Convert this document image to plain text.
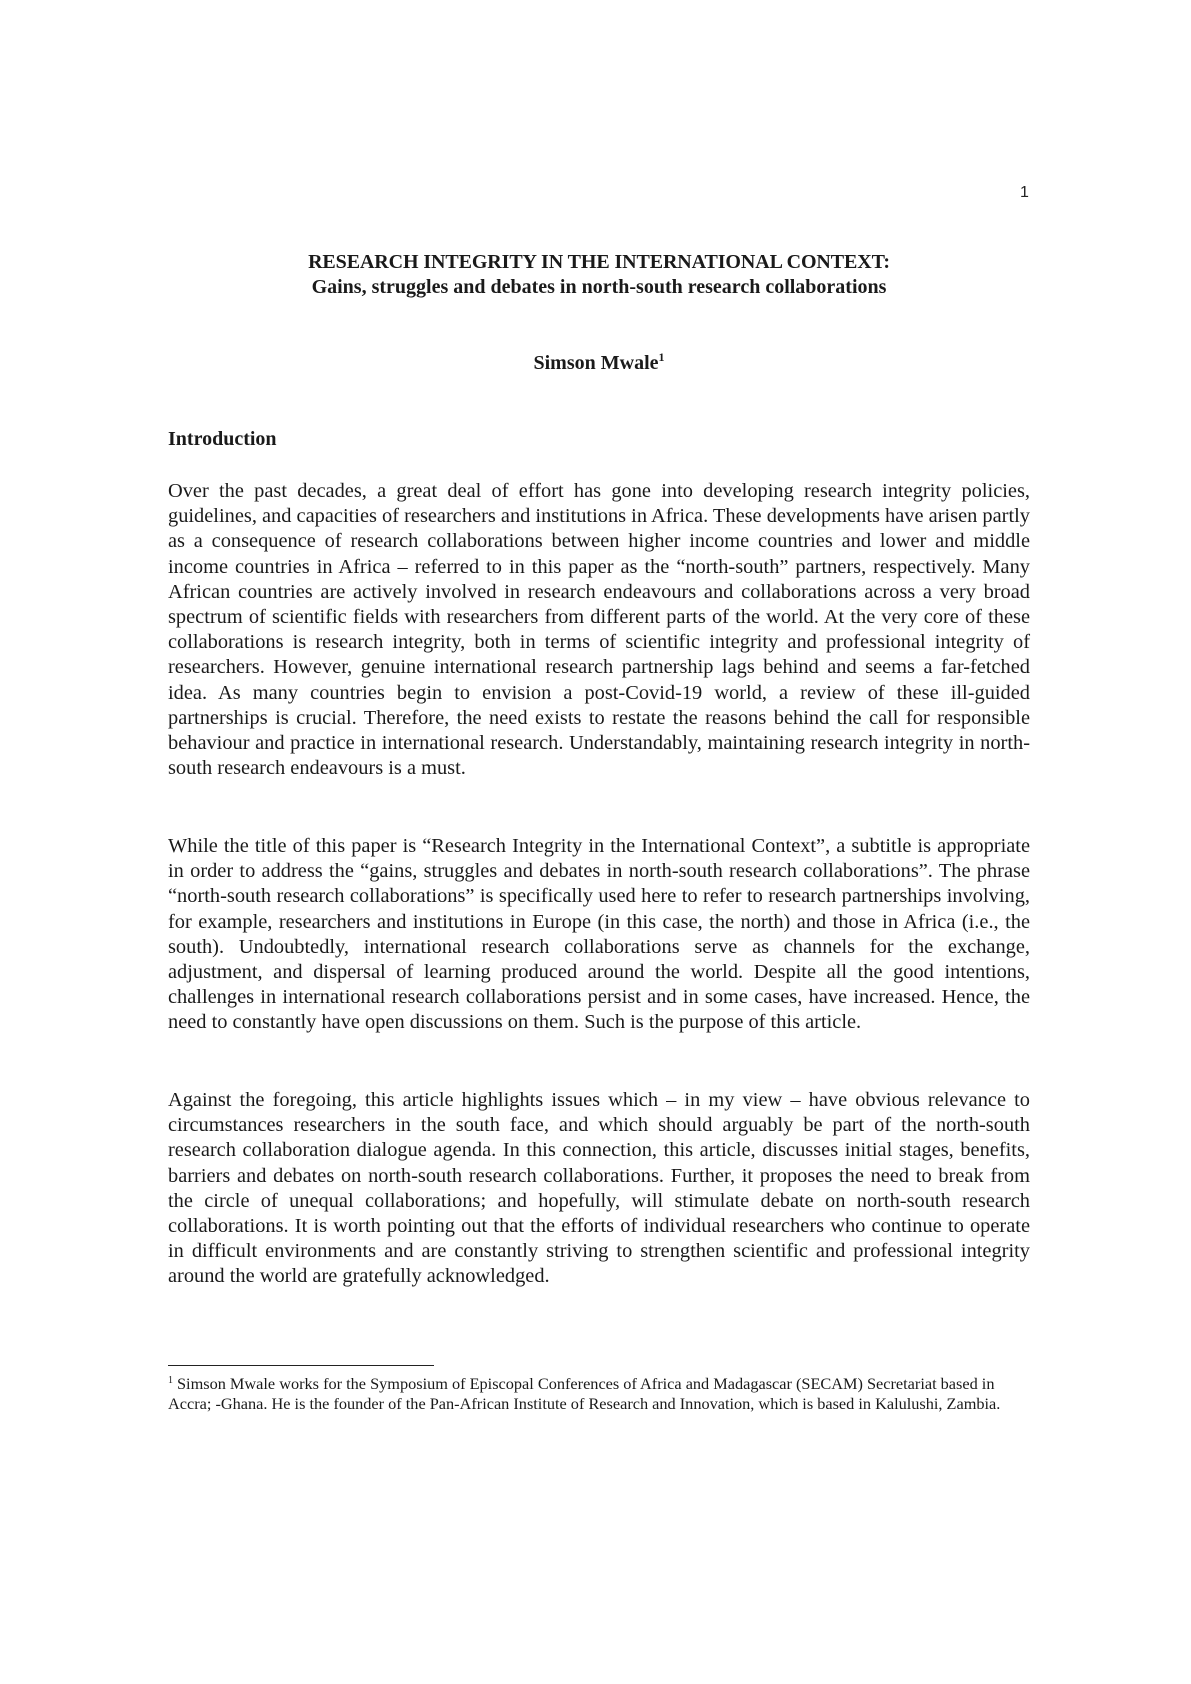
1
RESEARCH INTEGRITY IN THE INTERNATIONAL CONTEXT:
Gains, struggles and debates in north-south research collaborations
Simson Mwale$^1$
Introduction

Over the past decades, a great deal of effort has gone into developing research integrity policies, guidelines, and capacities of researchers and institutions in Africa. These developments have arisen partly as a consequence of research collaborations between higher income countries and lower and middle income countries in Africa – referred to in this paper as the “north-south” partners, respectively. Many African countries are actively involved in research endeavours and collaborations across a very broad spectrum of scientific fields with researchers from different parts of the world. At the very core of these collaborations is research integrity, both in terms of scientific integrity and professional integrity of researchers. However, genuine international research partnership lags behind and seems a far-fetched idea. As many countries begin to envision a post-Covid-19 world, a review of these ill-guided partnerships is crucial. Therefore, the need exists to restate the reasons behind the call for responsible behaviour and practice in international research. Understandably, maintaining research integrity in north-south research endeavours is a must.

While the title of this paper is “Research Integrity in the International Context”, a subtitle is appropriate in order to address the “gains, struggles and debates in north-south research collaborations”. The phrase “north-south research collaborations” is specifically used here to refer to research partnerships involving, for example, researchers and institutions in Europe (in this case, the north) and those in Africa (i.e., the south). Undoubtedly, international research collaborations serve as channels for the exchange, adjustment, and dispersal of learning produced around the world. Despite all the good intentions, challenges in international research collaborations persist and in some cases, have increased. Hence, the need to constantly have open discussions on them. Such is the purpose of this article.

Against the foregoing, this article highlights issues which – in my view – have obvious relevance to circumstances researchers in the south face, and which should arguably be part of the north-south research collaboration dialogue agenda. In this connection, this article, discusses initial stages, benefits, barriers and debates on north-south research collaborations. Further, it proposes the need to break from the circle of unequal collaborations; and hopefully, will stimulate debate on north-south research collaborations. It is worth pointing out that the efforts of individual researchers who continue to operate in difficult environments and are constantly striving to strengthen scientific and professional integrity around the world are gratefully acknowledged.

$^1$ Simson Mwale works for the Symposium of Episcopal Conferences of Africa and Madagascar (SECAM) Secretariat based in Accra; -Ghana. He is the founder of the Pan-African Institute of Research and Innovation, which is based in Kalulushi, Zambia.
